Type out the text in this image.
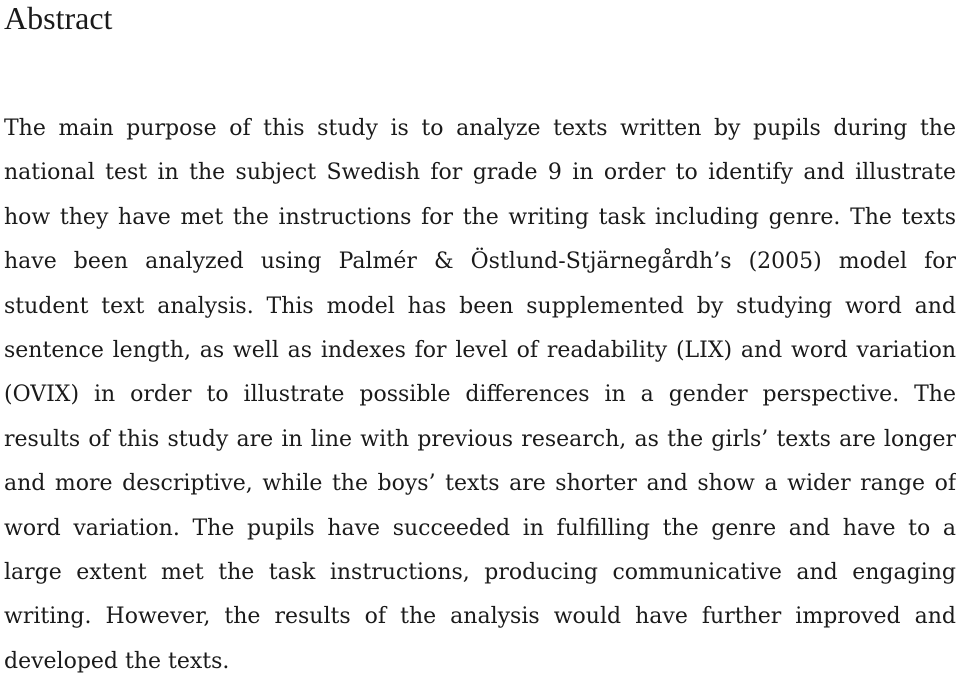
Abstract
The main purpose of this study is to analyze texts written by pupils during the
national test in the subject Swedish for grade 9 in order to identify and illustrate
how they have met the instructions for the writing task including genre. The texts
have been analyzed using Palmér & Östlund-Stjärnegårdh’s (2005) model for
student text analysis. This model has been supplemented by studying word and
sentence length, as well as indexes for level of readability (LIX) and word variation
(OVIX) in order to illustrate possible differences in a gender perspective. The
results of this study are in line with previous research, as the girls’ texts are longer
and more descriptive, while the boys’ texts are shorter and show a wider range of
word variation. The pupils have succeeded in fulfilling the genre and have to a
large extent met the task instructions, producing communicative and engaging
writing. However, the results of the analysis would have further improved and
developed the texts.
